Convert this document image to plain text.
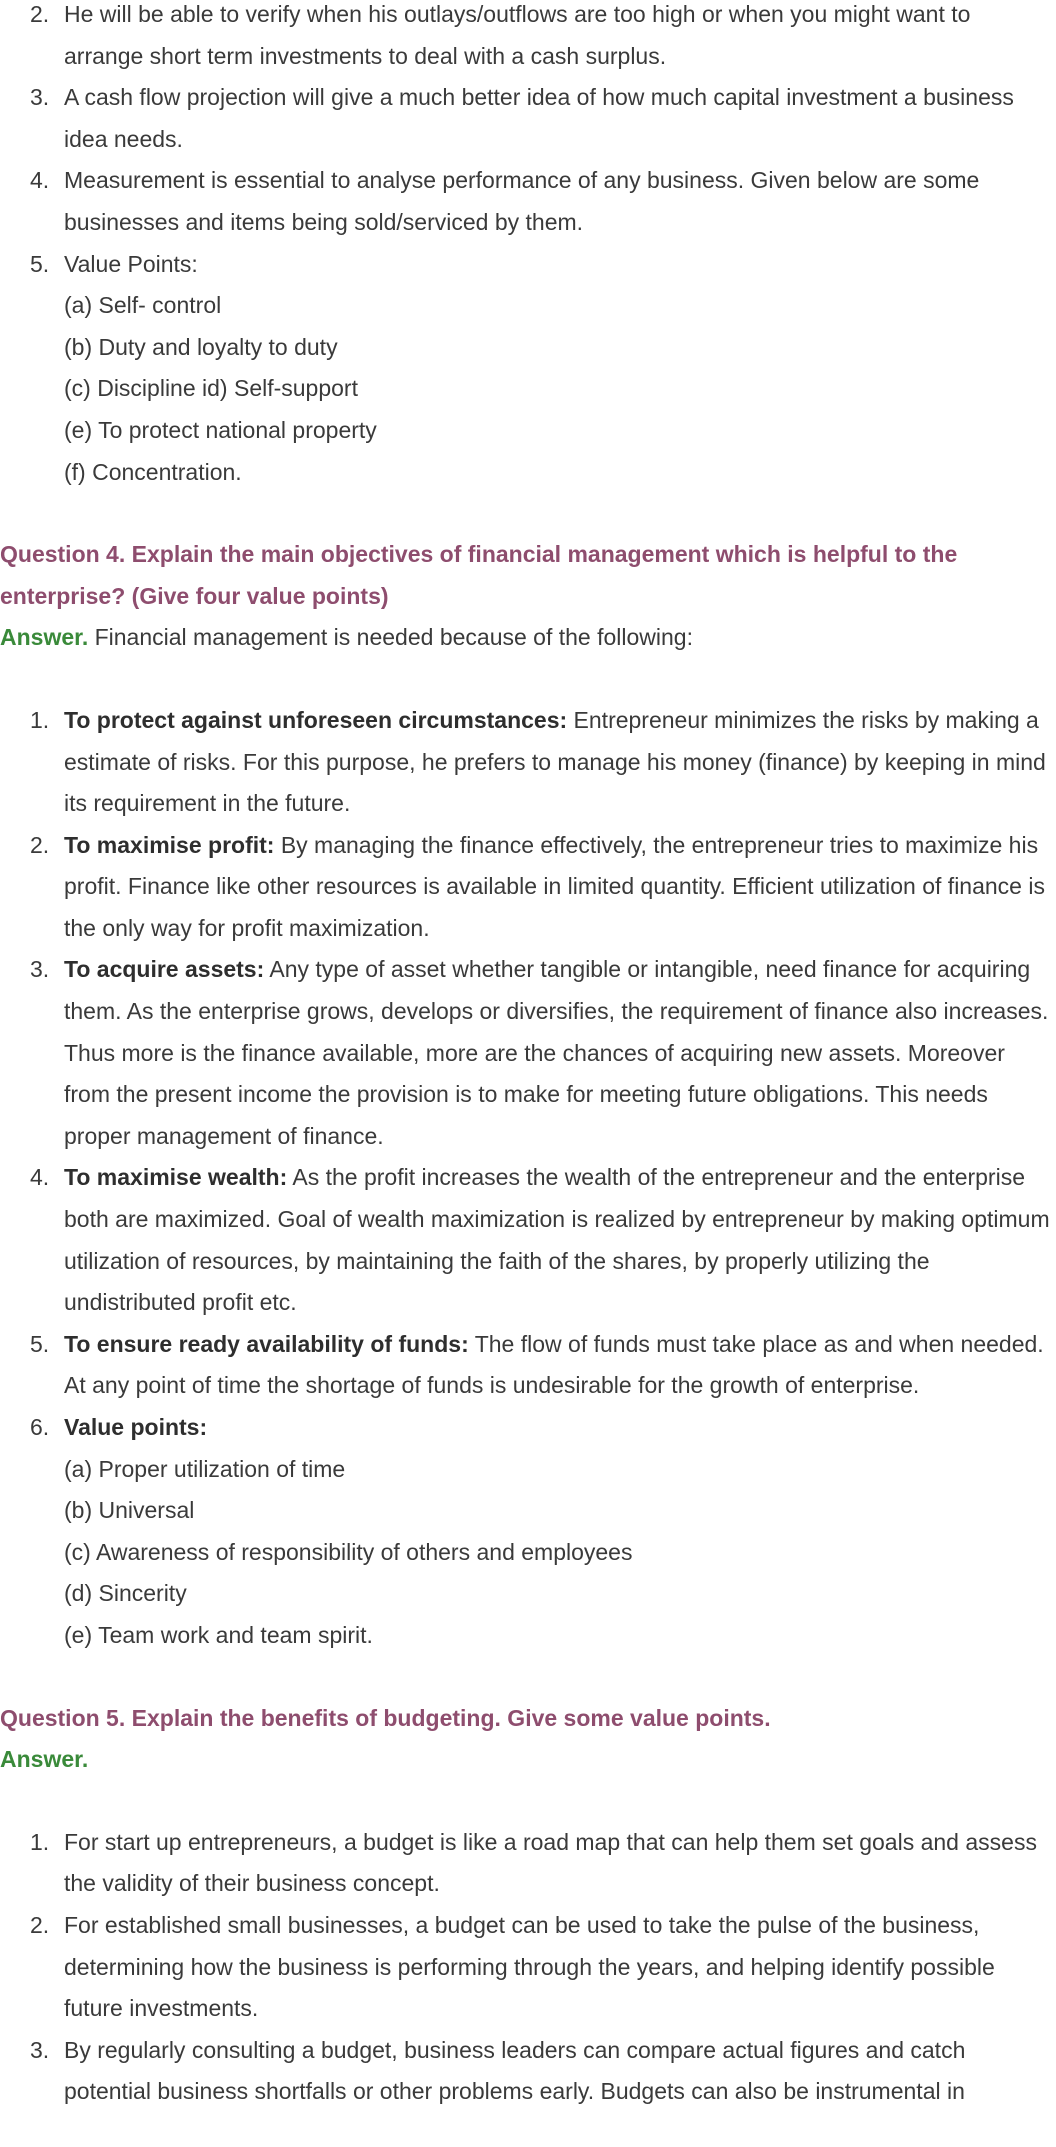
2. He will be able to verify when his outlays/outflows are too high or when you might want to arrange short term investments to deal with a cash surplus.
3. A cash flow projection will give a much better idea of how much capital investment a business idea needs.
4. Measurement is essential to analyse performance of any business. Given below are some businesses and items being sold/serviced by them.
5. Value Points:
(a) Self- control
(b) Duty and loyalty to duty
(c) Discipline id) Self-support
(e) To protect national property
(f) Concentration.
Question 4. Explain the main objectives of financial management which is helpful to the enterprise? (Give four value points)
Answer. Financial management is needed because of the following:
1. To protect against unforeseen circumstances: Entrepreneur minimizes the risks by making a estimate of risks. For this purpose, he prefers to manage his money (finance) by keeping in mind its requirement in the future.
2. To maximise profit: By managing the finance effectively, the entrepreneur tries to maximize his profit. Finance like other resources is available in limited quantity. Efficient utilization of finance is the only way for profit maximization.
3. To acquire assets: Any type of asset whether tangible or intangible, need finance for acquiring them. As the enterprise grows, develops or diversifies, the requirement of finance also increases. Thus more is the finance available, more are the chances of acquiring new assets. Moreover from the present income the provision is to make for meeting future obligations. This needs proper management of finance.
4. To maximise wealth: As the profit increases the wealth of the entrepreneur and the enterprise both are maximized. Goal of wealth maximization is realized by entrepreneur by making optimum utilization of resources, by maintaining the faith of the shares, by properly utilizing the undistributed profit etc.
5. To ensure ready availability of funds: The flow of funds must take place as and when needed. At any point of time the shortage of funds is undesirable for the growth of enterprise.
6. Value points:
(a) Proper utilization of time
(b) Universal
(c) Awareness of responsibility of others and employees
(d) Sincerity
(e) Team work and team spirit.
Question 5. Explain the benefits of budgeting. Give some value points.
Answer.
1. For start up entrepreneurs, a budget is like a road map that can help them set goals and assess the validity of their business concept.
2. For established small businesses, a budget can be used to take the pulse of the business, determining how the business is performing through the years, and helping identify possible future investments.
3. By regularly consulting a budget, business leaders can compare actual figures and catch potential business shortfalls or other problems early. Budgets can also be instrumental in
